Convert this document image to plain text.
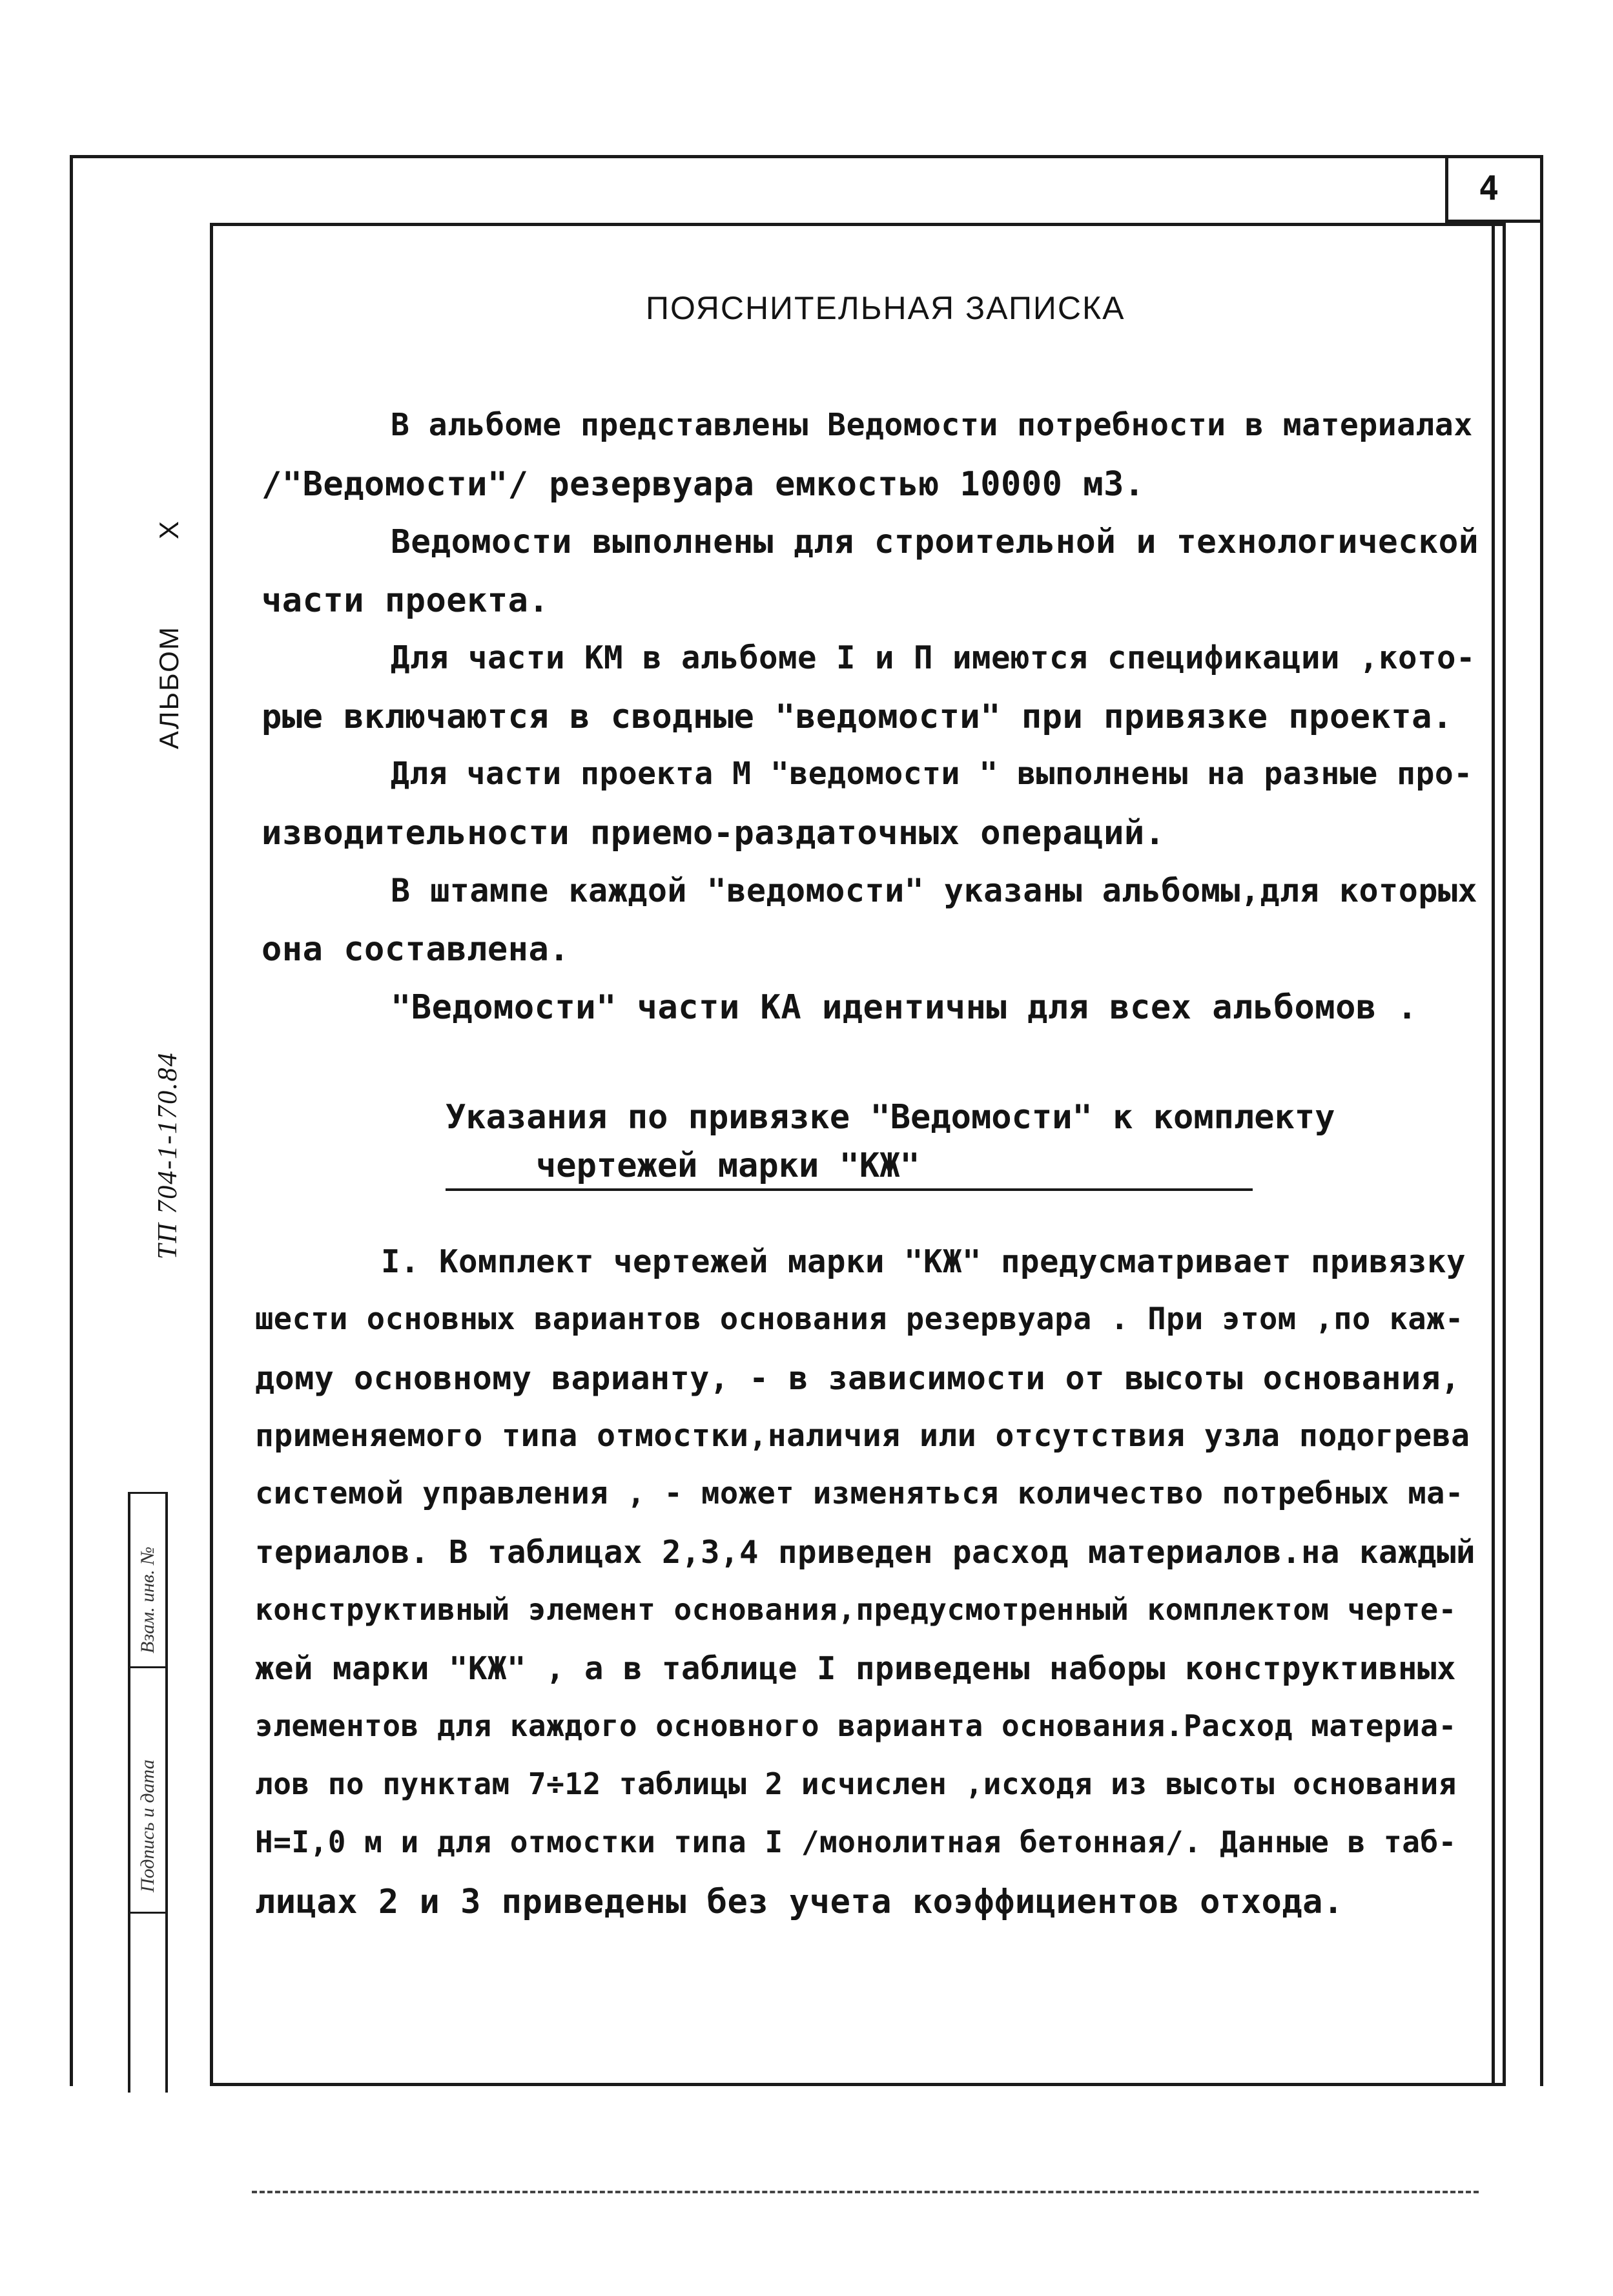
4
X
АЛЬБОМ
ТП 704-1-170.84
Взам. инв. №
Подпись и дата
ПОЯСНИТЕЛЬНАЯ ЗАПИСКА
В альбоме представлены Ведомости потребности в материалах
/"Ведомости"/ резервуара емкостью 10000 м3.
Ведомости выполнены для строительной и технологической
части проекта.
Для части КМ в альбоме I и П имеются спецификации ,кото-
рые включаются в сводные "ведомости" при привязке проекта.
Для части проекта М "ведомости " выполнены на разные про-
изводительности приемо-раздаточных операций.
В штампе каждой "ведомости" указаны альбомы,для которых
она составлена.
"Ведомости" части КА идентичны для всех альбомов .
Указания по привязке "Ведомости" к комплекту
чертежей марки "КЖ"
I. Комплект чертежей марки "КЖ" предусматривает привязку
шести основных вариантов основания резервуара . При этом ,по каж-
дому основному варианту, - в зависимости от высоты основания,
применяемого типа отмостки,наличия или отсутствия узла подогрева
системой управления , - может изменяться количество потребных ма-
териалов. В таблицах 2,3,4 приведен расход материалов.на каждый
конструктивный элемент основания,предусмотренный комплектом черте-
жей марки "КЖ" , а в таблице I приведены наборы конструктивных
элементов для каждого основного варианта основания.Расход материа-
лов по пунктам 7÷12 таблицы 2 исчислен ,исходя из высоты основания
Н=I,0 м и для отмостки типа I /монолитная бетонная/. Данные в таб-
лицах 2 и 3 приведены без учета коэффициентов отхода.
